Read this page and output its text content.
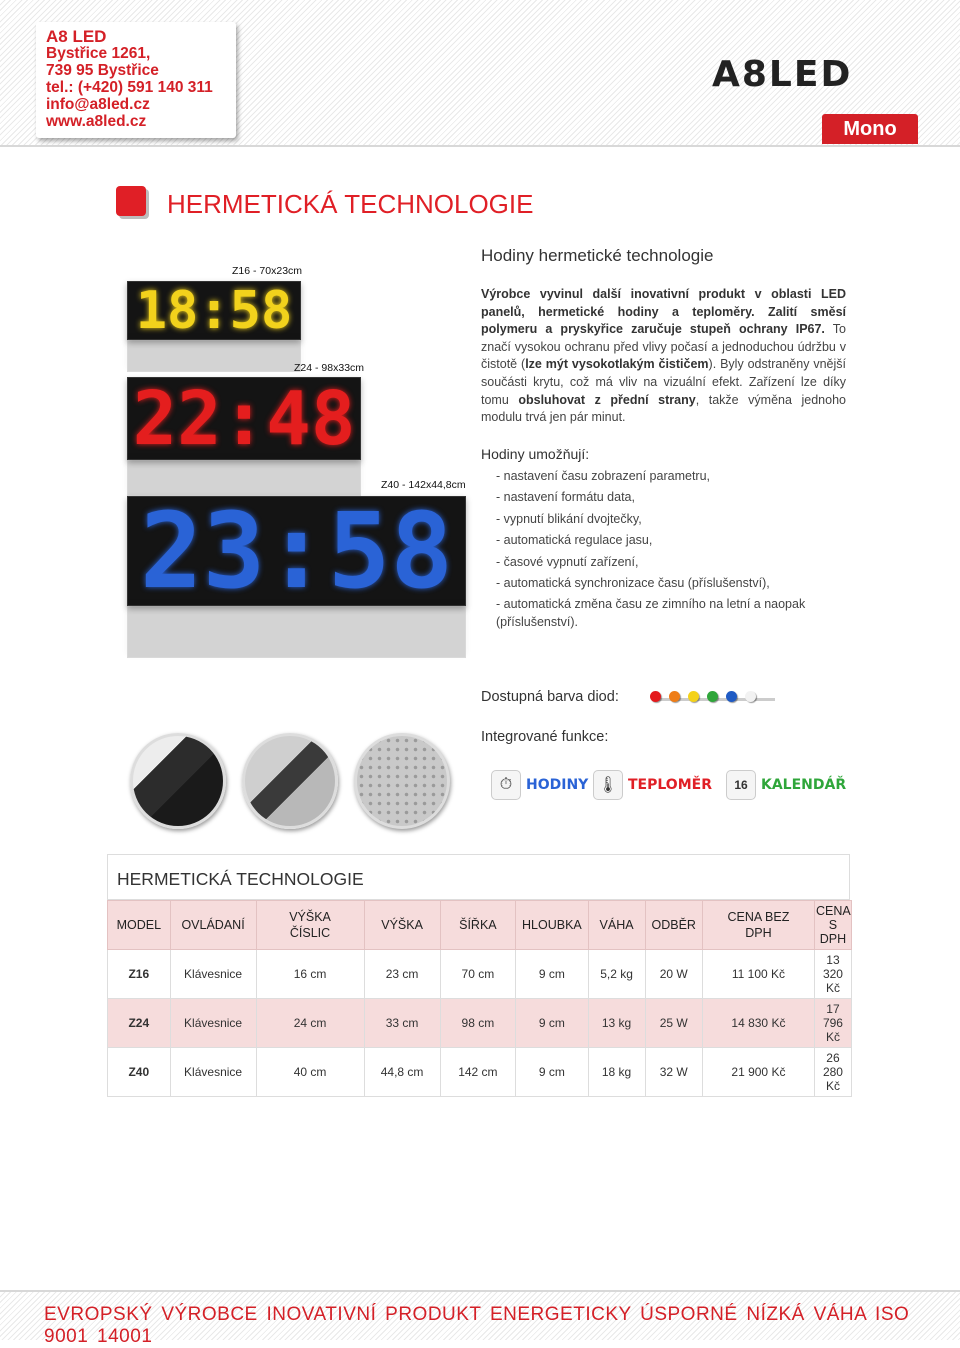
A8 LED
Bystřice 1261,
739 95 Bystřice
tel.: (+420) 591 140 311
info@a8led.cz
www.a8led.cz
A8LED
Mono
HERMETICKÁ TECHNOLOGIE
Z16 - 70x23cm
18:58
Z24 - 98x33cm
22:48
Z40 - 142x44,8cm
23:58
Hodiny hermetické technologie
Výrobce vyvinul další inovativní produkt v oblasti LED panelů, hermetické hodiny a teploměry. Zalití směsí polymeru a pryskyřice zaručuje stupeň ochrany IP67. To značí vysokou ochranu před vlivy počasí a jednoduchou údržbu v čistotě (lze mýt vysokotlakým čističem). Byly odstraněny vnější součásti krytu, což má vliv na vizuální efekt. Zařízení lze díky tomu obsluhovat z přední strany, takže výměna jednoho modulu trvá jen pár minut.
Hodiny umožňují:
- nastavení času zobrazení parametru,
- nastavení formátu data,
- vypnutí blikání dvojtečky,
- automatická regulace jasu,
- časové vypnutí zařízení,
- automatická synchronizace času (příslušenství),
- automatická změna času ze zimního na letní a naopak (příslušenství).
Dostupná barva diod:
Integrované funkce:
⏱ HODINY 🌡 TEPLOMĚR	16 KALENDÁŘ
HERMETICKÁ TECHNOLOGIE
MODEL	OVLÁDANÍ	VÝŠKA ČÍSLIC	VÝŠKA	ŠÍŘKA	HLOUBKA	VÁHA	ODBĚR	CENA BEZ DPH	CENA S DPH
Z16	Klávesnice	16 cm	23 cm	70 cm	9 cm	5,2 kg	20 W	11 100 Kč	13 320 Kč
Z24	Klávesnice	24 cm	33 cm	98 cm	9 cm	13 kg	25 W	14 830 Kč	17 796 Kč
Z40	Klávesnice	40 cm	44,8 cm	142 cm	9 cm	18 kg	32 W	21 900 Kč	26 280 Kč
EVROPSKÝ VÝROBCE INOVATIVNÍ PRODUKT ENERGETICKY ÚSPORNÉ NÍZKÁ VÁHA ISO 9001 14001
